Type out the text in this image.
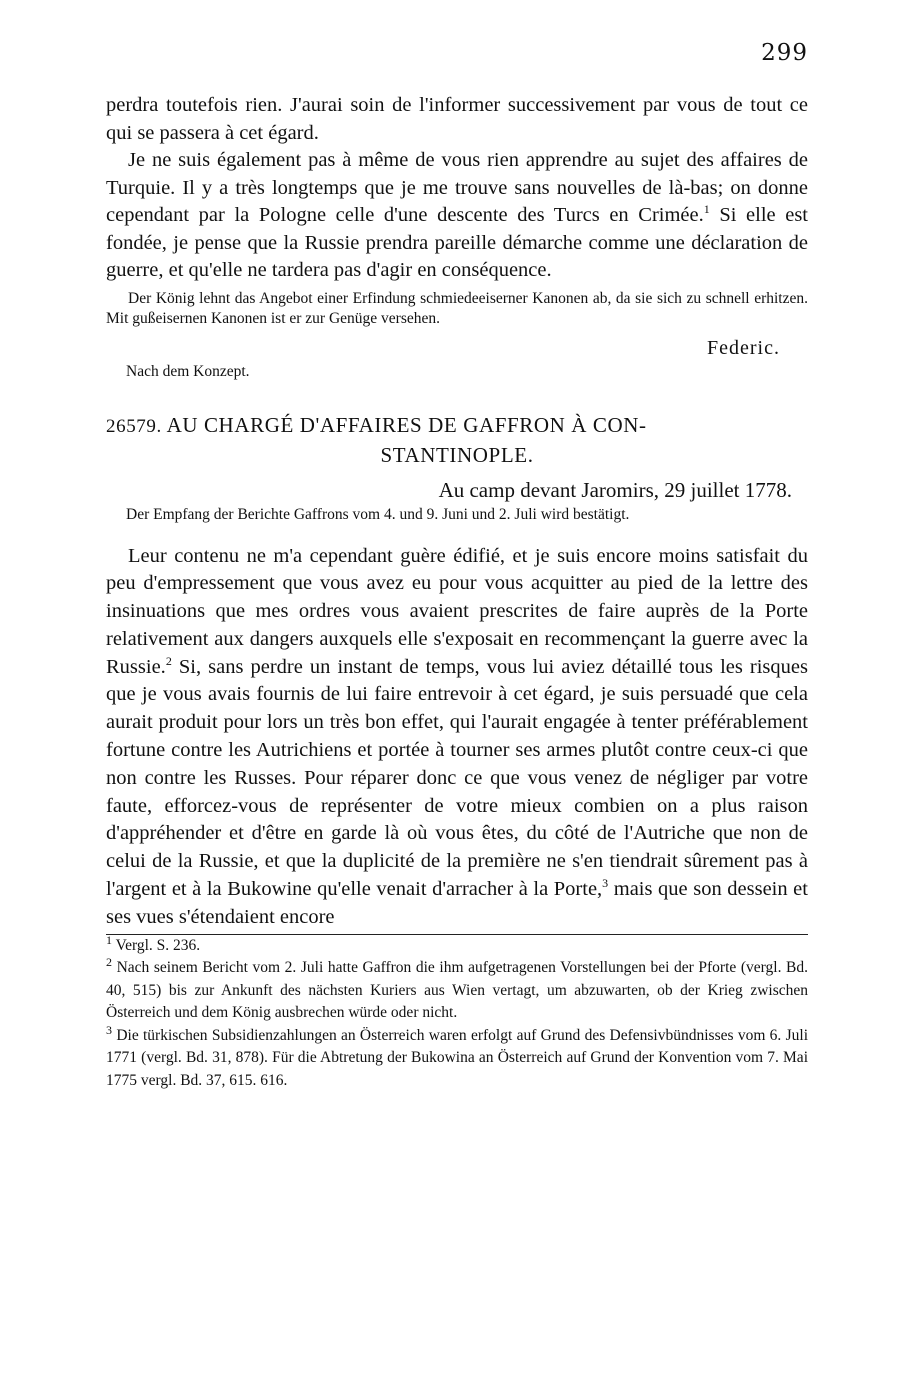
299

perdra toutefois rien. J'aurai soin de l'informer successivement par vous de tout ce qui se passera à cet égard.

Je ne suis également pas à même de vous rien apprendre au sujet des affaires de Turquie. Il y a très longtemps que je me trouve sans nouvelles de là-bas; on donne cependant par la Pologne celle d'une descente des Turcs en Crimée.$^1$ Si elle est fondée, je pense que la Russie prendra pareille démarche comme une déclaration de guerre, et qu'elle ne tardera pas d'agir en conséquence.

Der König lehnt das Angebot einer Erfindung schmiedeeiserner Kanonen ab, da sie sich zu schnell erhitzen. Mit gußeisernen Kanonen ist er zur Genüge versehen.

Federic.

Nach dem Konzept.

26579. AU CHARGÉ D'AFFAIRES DE GAFFRON À CON-
STANTINOPLE.
Au camp devant Jaromirs, 29 juillet 1778.

Der Empfang der Berichte Gaffrons vom 4. und 9. Juni und 2. Juli wird bestätigt.

Leur contenu ne m'a cependant guère édifié, et je suis encore moins satisfait du peu d'empressement que vous avez eu pour vous acquitter au pied de la lettre des insinuations que mes ordres vous avaient prescrites de faire auprès de la Porte relativement aux dangers auxquels elle s'exposait en recommençant la guerre avec la Russie.$^2$ Si, sans perdre un instant de temps, vous lui aviez détaillé tous les risques que je vous avais fournis de lui faire entrevoir à cet égard, je suis persuadé que cela aurait produit pour lors un très bon effet, qui l'aurait engagée à tenter préférablement fortune contre les Autrichiens et portée à tourner ses armes plutôt contre ceux-ci que non contre les Russes. Pour réparer donc ce que vous venez de négliger par votre faute, efforcez-vous de représenter de votre mieux combien on a plus raison d'appréhender et d'être en garde là où vous êtes, du côté de l'Autriche que non de celui de la Russie, et que la duplicité de la première ne s'en tiendrait sûrement pas à l'argent et à la Bukowine qu'elle venait d'arracher à la Porte,$^3$ mais que son dessein et ses vues s'étendaient encore

$^1$ Vergl. S. 236.

$^2$ Nach seinem Bericht vom 2. Juli hatte Gaffron die ihm aufgetragenen Vorstellungen bei der Pforte (vergl. Bd. 40, 515) bis zur Ankunft des nächsten Kuriers aus Wien vertagt, um abzuwarten, ob der Krieg zwischen Österreich und dem König ausbrechen würde oder nicht.

$^3$ Die türkischen Subsidienzahlungen an Österreich waren erfolgt auf Grund des Defensivbündnisses vom 6. Juli 1771 (vergl. Bd. 31, 878). Für die Abtretung der Bukowina an Österreich auf Grund der Konvention vom 7. Mai 1775 vergl. Bd. 37, 615. 616.
